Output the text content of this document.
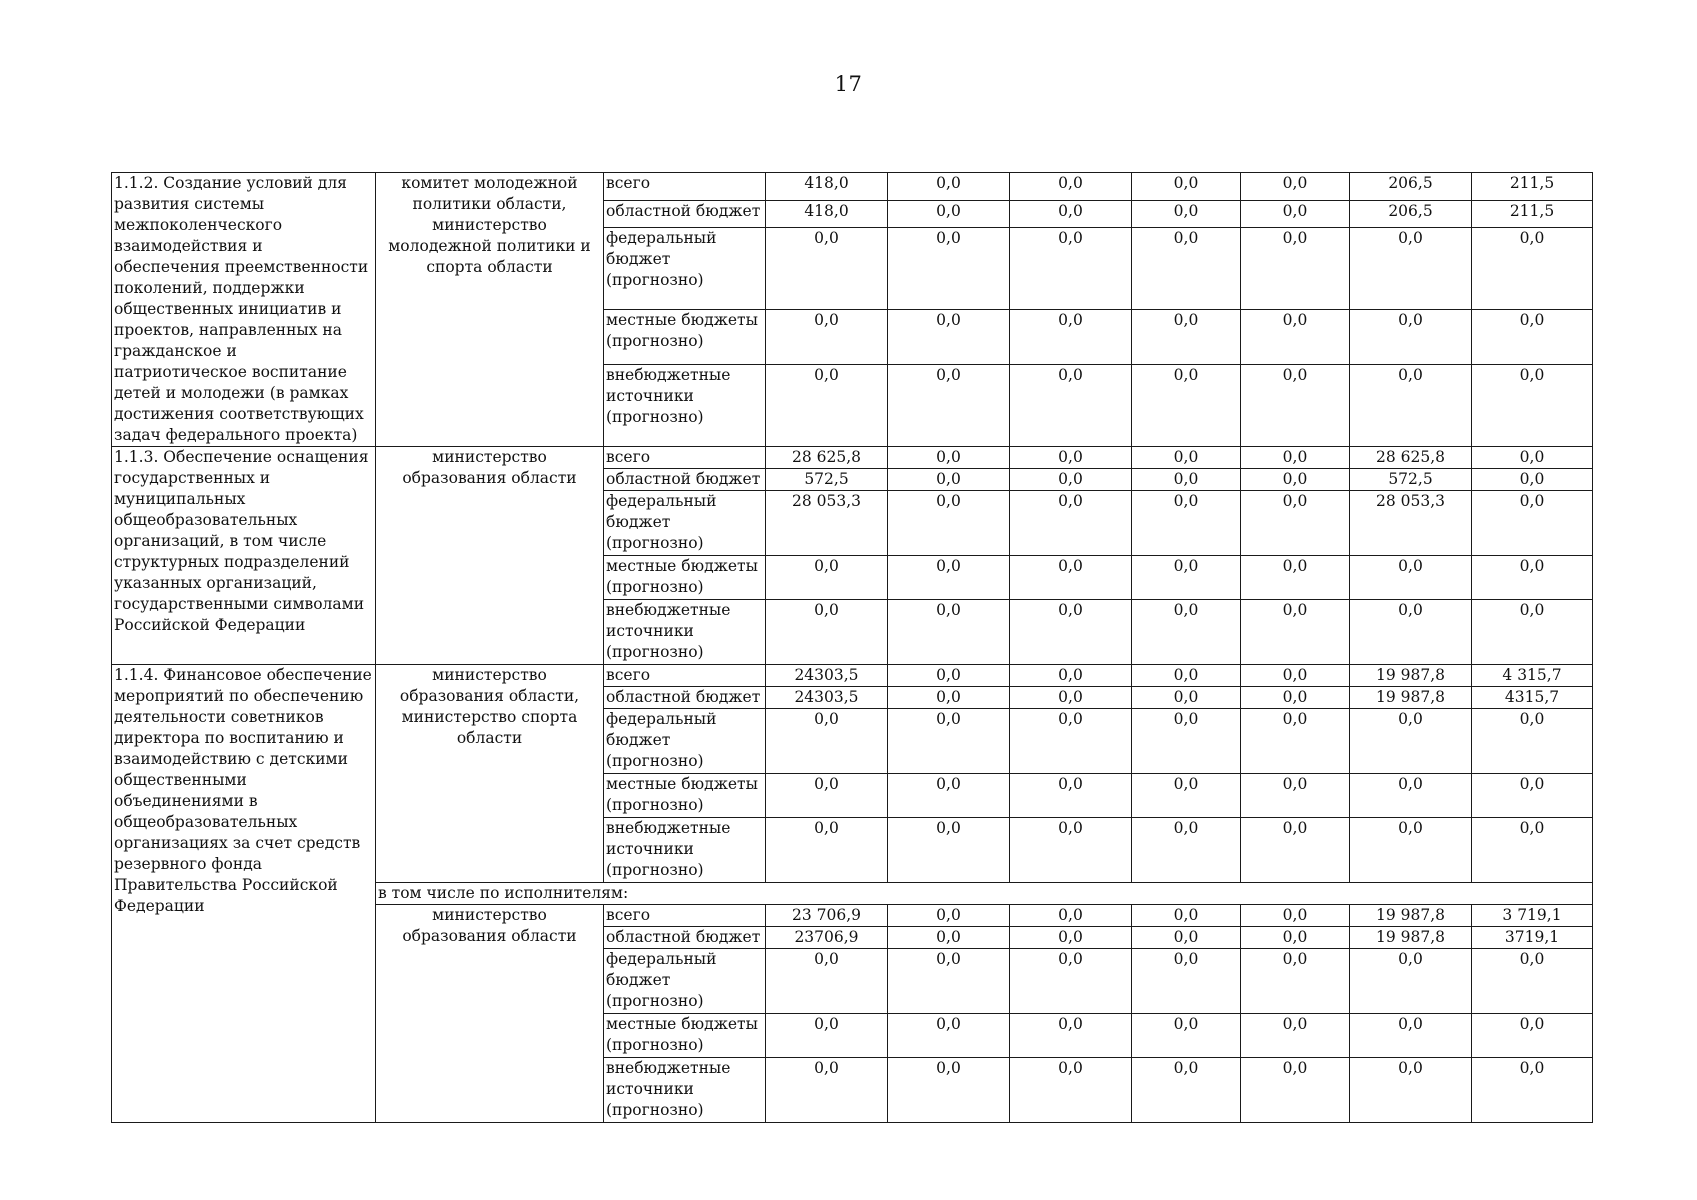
17
1.1.2. Создание условий для развития системы межпоколенческого взаимодействия и обеспечения преемственности поколений, поддержки общественных инициатив и проектов, направленных на гражданское и патриотическое воспитание детей и молодежи (в рамках достижения соответствующих задач федерального проекта)	комитет молодежной политики области, министерство молодежной политики и спорта области	всего	418,0	0,0	0,0	0,0	0,0	206,5	211,5
		областной бюджет	418,0	0,0	0,0	0,0	0,0	206,5	211,5
		федеральный бюджет (прогнозно)	0,0	0,0	0,0	0,0	0,0	0,0	0,0
		местные бюджеты (прогнозно)	0,0	0,0	0,0	0,0	0,0	0,0	0,0
		внебюджетные источники (прогнозно)	0,0	0,0	0,0	0,0	0,0	0,0	0,0
1.1.3. Обеспечение оснащения государственных и муниципальных общеобразовательных организаций, в том числе структурных подразделений указанных организаций, государственными символами Российской Федерации	министерство образования области	всего	28 625,8	0,0	0,0	0,0	0,0	28 625,8	0,0
		областной бюджет	572,5	0,0	0,0	0,0	0,0	572,5	0,0
		федеральный бюджет (прогнозно)	28 053,3	0,0	0,0	0,0	0,0	28 053,3	0,0
		местные бюджеты (прогнозно)	0,0	0,0	0,0	0,0	0,0	0,0	0,0
		внебюджетные источники (прогнозно)	0,0	0,0	0,0	0,0	0,0	0,0	0,0
1.1.4. Финансовое обеспечение мероприятий по обеспечению деятельности советников директора по воспитанию и взаимодействию с детскими общественными объединениями в общеобразовательных организациях за счет средств резервного фонда Правительства Российской Федерации	министерство образования области, министерство спорта области	всего	24303,5	0,0	0,0	0,0	0,0	19 987,8	4 315,7
		областной бюджет	24303,5	0,0	0,0	0,0	0,0	19 987,8	4315,7
		федеральный бюджет (прогнозно)	0,0	0,0	0,0	0,0	0,0	0,0	0,0
		местные бюджеты (прогнозно)	0,0	0,0	0,0	0,0	0,0	0,0	0,0
		внебюджетные источники (прогнозно)	0,0	0,0	0,0	0,0	0,0	0,0	0,0
	в том числе по исполнителям:								
	министерство образования области	всего	23 706,9	0,0	0,0	0,0	0,0	19 987,8	3 719,1
		областной бюджет	23706,9	0,0	0,0	0,0	0,0	19 987,8	3719,1
		федеральный бюджет (прогнозно)	0,0	0,0	0,0	0,0	0,0	0,0	0,0
		местные бюджеты (прогнозно)	0,0	0,0	0,0	0,0	0,0	0,0	0,0
		внебюджетные источники (прогнозно)	0,0	0,0	0,0	0,0	0,0	0,0	0,0
